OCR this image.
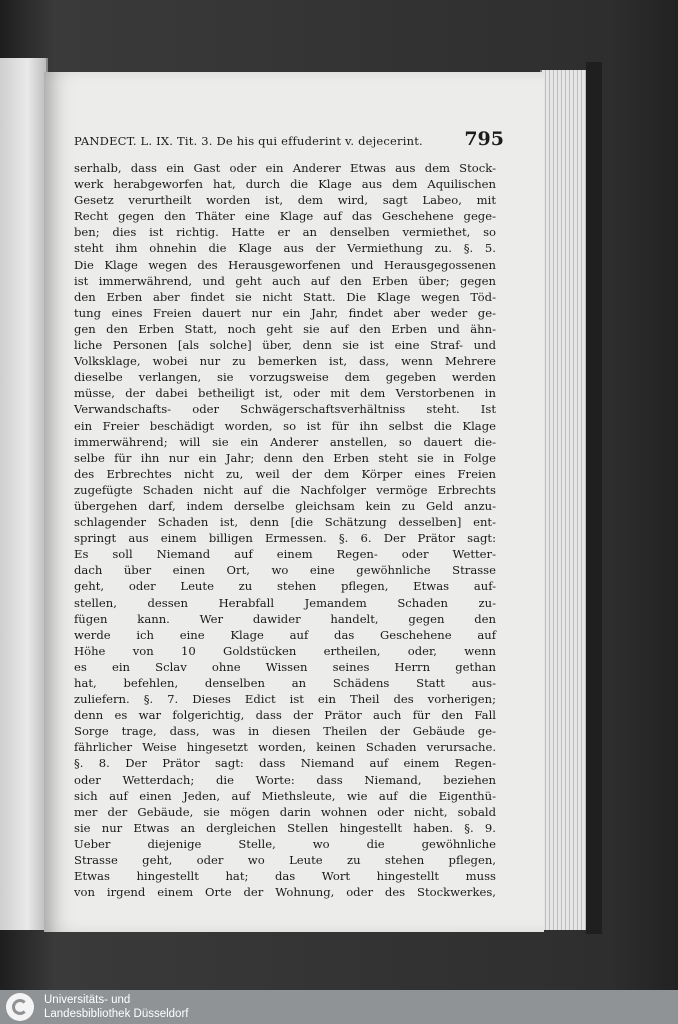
PANDECT. L. IX. Tit. 3. De his qui effuderint v. dejecerint. 795
serhalb, dass ein Gast oder ein Anderer Etwas aus dem Stock-
werk herabgeworfen hat, durch die Klage aus dem Aquilischen
Gesetz verurtheilt worden ist, dem wird, sagt Labeo, mit
Recht gegen den Thäter eine Klage auf das Geschehene gege-
ben; dies ist richtig. Hatte er an denselben vermiethet, so
steht ihm ohnehin die Klage aus der Vermiethung zu. §. 5.
Die Klage wegen des Herausgeworfenen und Herausgegossenen
ist immerwährend, und geht auch auf den Erben über; gegen
den Erben aber findet sie nicht Statt. Die Klage wegen Töd-
tung eines Freien dauert nur ein Jahr, findet aber weder ge-
gen den Erben Statt, noch geht sie auf den Erben und ähn-
liche Personen [als solche] über, denn sie ist eine Straf- und
Volksklage, wobei nur zu bemerken ist, dass, wenn Mehrere
dieselbe verlangen, sie vorzugsweise dem gegeben werden
müsse, der dabei betheiligt ist, oder mit dem Verstorbenen in
Verwandschafts- oder Schwägerschaftsverhältniss steht. Ist
ein Freier beschädigt worden, so ist für ihn selbst die Klage
immerwährend; will sie ein Anderer anstellen, so dauert die-
selbe für ihn nur ein Jahr; denn den Erben steht sie in Folge
des Erbrechtes nicht zu, weil der dem Körper eines Freien
zugefügte Schaden nicht auf die Nachfolger vermöge Erbrechts
übergehen darf, indem derselbe gleichsam kein zu Geld anzu-
schlagender Schaden ist, denn [die Schätzung desselben] ent-
springt aus einem billigen Ermessen. §. 6. Der Prätor sagt:
Es soll Niemand auf einem Regen- oder Wetter-
dach über einen Ort, wo eine gewöhnliche Strasse
geht, oder Leute zu stehen pflegen, Etwas auf-
stellen, dessen Herabfall Jemandem Schaden zu-
fügen kann. Wer dawider handelt, gegen den
werde ich eine Klage auf das Geschehene auf
Höhe von 10 Goldstücken ertheilen, oder, wenn
es ein Sclav ohne Wissen seines Herrn gethan
hat, befehlen, denselben an Schädens Statt aus-
zuliefern. §. 7. Dieses Edict ist ein Theil des vorherigen;
denn es war folgerichtig, dass der Prätor auch für den Fall
Sorge trage, dass, was in diesen Theilen der Gebäude ge-
fährlicher Weise hingesetzt worden, keinen Schaden verursache.
§. 8. Der Prätor sagt: dass Niemand auf einem Regen-
oder Wetterdach; die Worte: dass Niemand, beziehen
sich auf einen Jeden, auf Miethsleute, wie auf die Eigenthü-
mer der Gebäude, sie mögen darin wohnen oder nicht, sobald
sie nur Etwas an dergleichen Stellen hingestellt haben. §. 9.
Ueber diejenige Stelle, wo die gewöhnliche
Strasse geht, oder wo Leute zu stehen pflegen,
Etwas hingestellt hat; das Wort hingestellt muss
von irgend einem Orte der Wohnung, oder des Stockwerkes,
Universitäts- und
Landesbibliothek Düsseldorf
